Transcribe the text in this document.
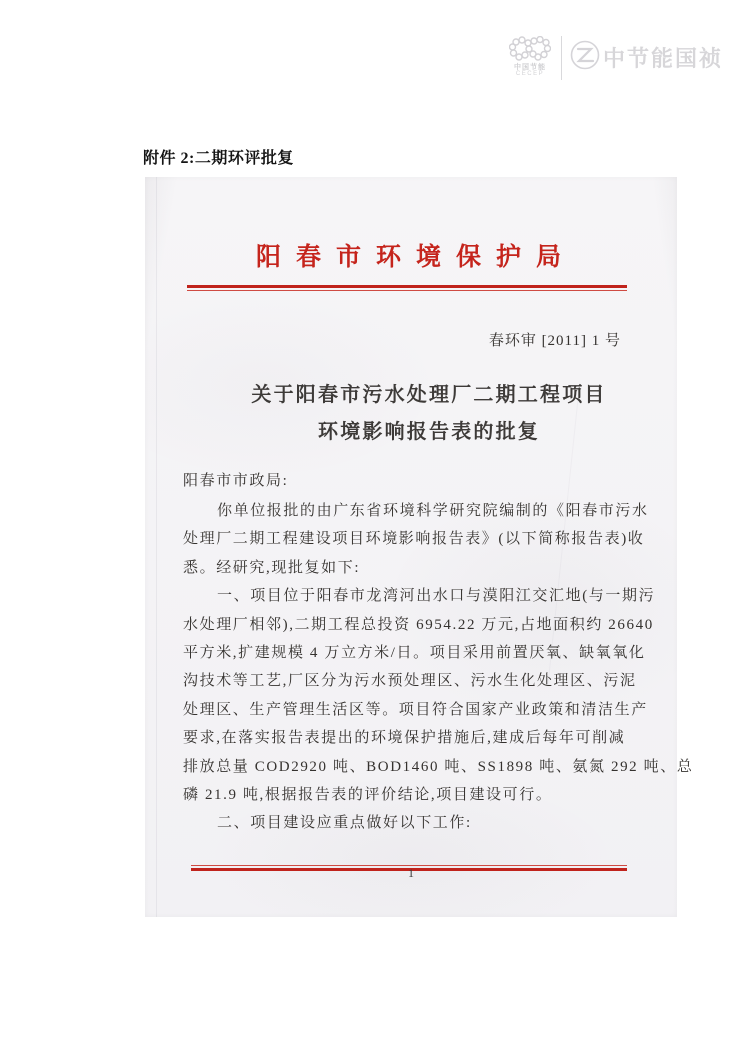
中国节能
CECEP
中节能国祯
附件 2:二期环评批复
阳春市环境保护局
春环审 [2011] 1 号
关于阳春市污水处理厂二期工程项目
环境影响报告表的批复
阳春市市政局:
你单位报批的由广东省环境科学研究院编制的《阳春市污水
处理厂二期工程建设项目环境影响报告表》(以下简称报告表)收
悉。经研究,现批复如下:
一、项目位于阳春市龙湾河出水口与漠阳江交汇地(与一期污
水处理厂相邻),二期工程总投资 6954.22 万元,占地面积约 26640
平方米,扩建规模 4 万立方米/日。项目采用前置厌氧、缺氧氧化
沟技术等工艺,厂区分为污水预处理区、污水生化处理区、污泥
处理区、生产管理生活区等。项目符合国家产业政策和清洁生产
要求,在落实报告表提出的环境保护措施后,建成后每年可削减
排放总量 COD2920 吨、BOD1460 吨、SS1898 吨、氨氮 292 吨、总
磷 21.9 吨,根据报告表的评价结论,项目建设可行。
二、项目建设应重点做好以下工作:
1
